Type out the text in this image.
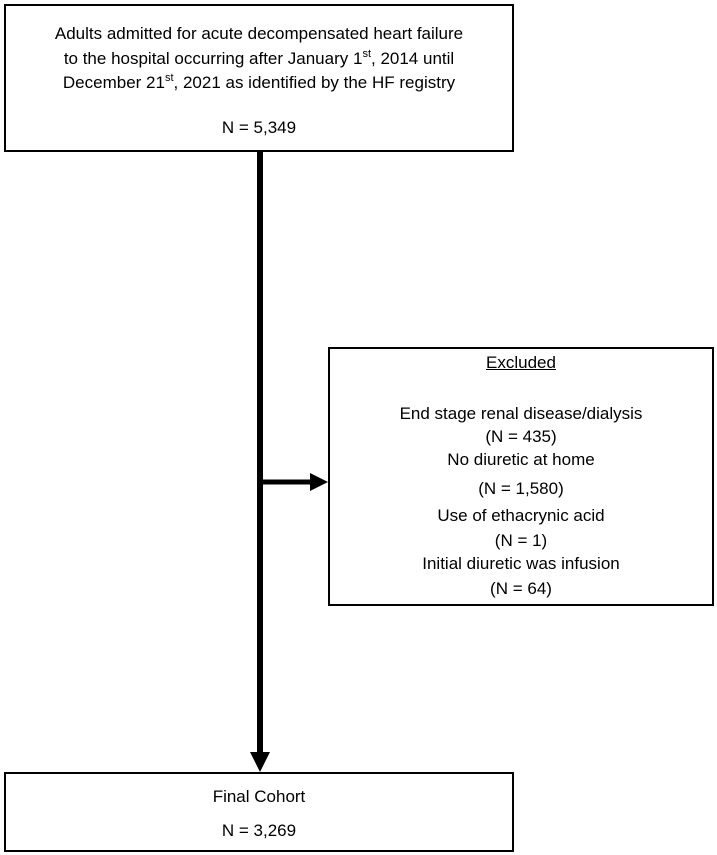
Adults admitted for acute decompensated heart failure
to the hospital occurring after January 1st, 2014 until
December 21st, 2021 as identified by the HF registry
N = 5,349
Excluded
End stage renal disease/dialysis
(N = 435)
No diuretic at home
(N = 1,580)
Use of ethacrynic acid
(N = 1)
Initial diuretic was infusion
(N = 64)
Final Cohort
N = 3,269
